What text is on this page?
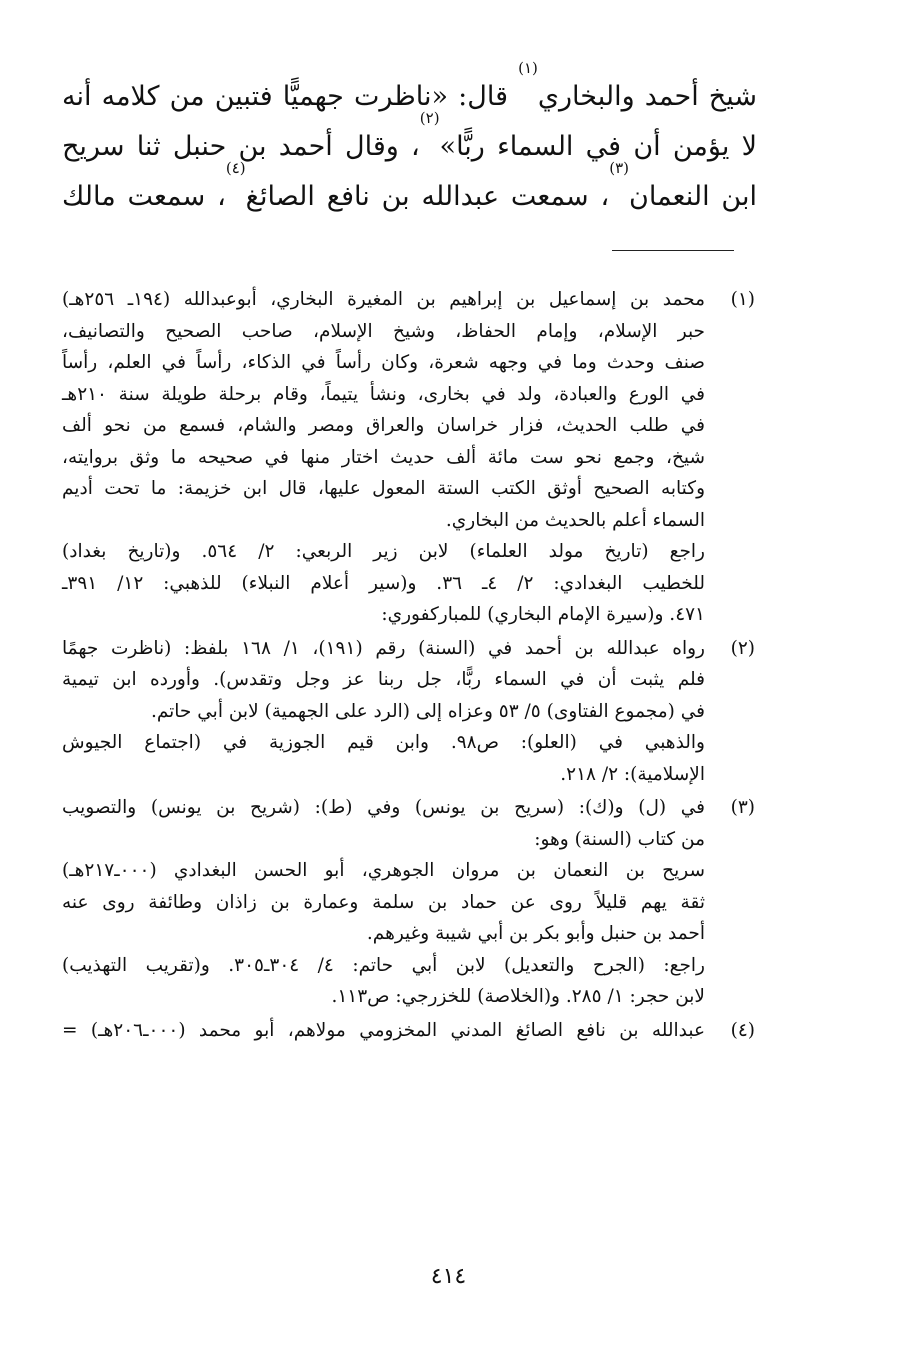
شيخ أحمد والبخاري$^{(١)}$ قال: «ناظرت جهميًّا فتبين من كلامه أنه
لا يؤمن أن في السماء ربًّا»$^{(٢)}$، وقال أحمد بن حنبل ثنا سريح
ابن النعمان$^{(٣)}$، سمعت عبدالله بن نافع الصائغ$^{(٤)}$، سمعت مالك
(١)

محمد بن إسماعيل بن إبراهيم بن المغيرة البخاري، أبوعبدالله (١٩٤ـ ٢٥٦هـ)
حبر الإسلام، وإمام الحفاظ، وشيخ الإسلام، صاحب الصحيح والتصانيف،
صنف وحدث وما في وجهه شعرة، وكان رأساً في الذكاء، رأساً في العلم، رأساً
في الورع والعبادة، ولد في بخارى، ونشأ يتيماً، وقام برحلة طويلة سنة ٢١٠هـ
في طلب الحديث، فزار خراسان والعراق ومصر والشام، فسمع من نحو ألف
شيخ، وجمع نحو ست مائة ألف حديث اختار منها في صحيحه ما وثق بروايته،
وكتابه الصحيح أوثق الكتب الستة المعول عليها، قال ابن خزيمة: ما تحت أديم
السماء أعلم بالحديث من البخاري.
راجع (تاريخ مولد العلماء) لابن زير الربعي: ٢/ ٥٦٤. و(تاريخ بغداد)
للخطيب البغدادي: ٢/ ٤ـ ٣٦. و(سير أعلام النبلاء) للذهبي: ١٢/ ٣٩١ـ
٤٧١. و(سيرة الإمام البخاري) للمباركفوري:

(٢)

رواه عبدالله بن أحمد في (السنة) رقم (١٩١)، ١/ ١٦٨ بلفظ: (ناظرت جهمًا
فلم يثبت أن في السماء ربًّا، جل ربنا عز وجل وتقدس). وأورده ابن تيمية
في (مجموع الفتاوى) ٥/ ٥٣ وعزاه إلى (الرد على الجهمية) لابن أبي حاتم.
والذهبي في (العلو): ص٩٨. وابن قيم الجوزية في (اجتماع الجيوش
الإسلامية): ٢/ ٢١٨.

(٣)

في (ل) و(ك): (سريح بن يونس) وفي (ط): (شريح بن يونس) والتصويب
من كتاب (السنة) وهو:
سريح بن النعمان بن مروان الجوهري، أبو الحسن البغدادي (٠٠٠ـ٢١٧هـ)
ثقة يهم قليلاً روى عن حماد بن سلمة وعمارة بن زاذان وطائفة روى عنه
أحمد بن حنبل وأبو بكر بن أبي شيبة وغيرهم.
راجع: (الجرح والتعديل) لابن أبي حاتم: ٤/ ٣٠٤ـ٣٠٥. و(تقريب التهذيب)
لابن حجر: ١/ ٢٨٥. و(الخلاصة) للخزرجي: ص١١٣.

(٤)

عبدالله بن نافع الصائغ المدني المخزومي مولاهم، أبو محمد (٠٠٠ـ٢٠٦هـ) =

٤١٤
